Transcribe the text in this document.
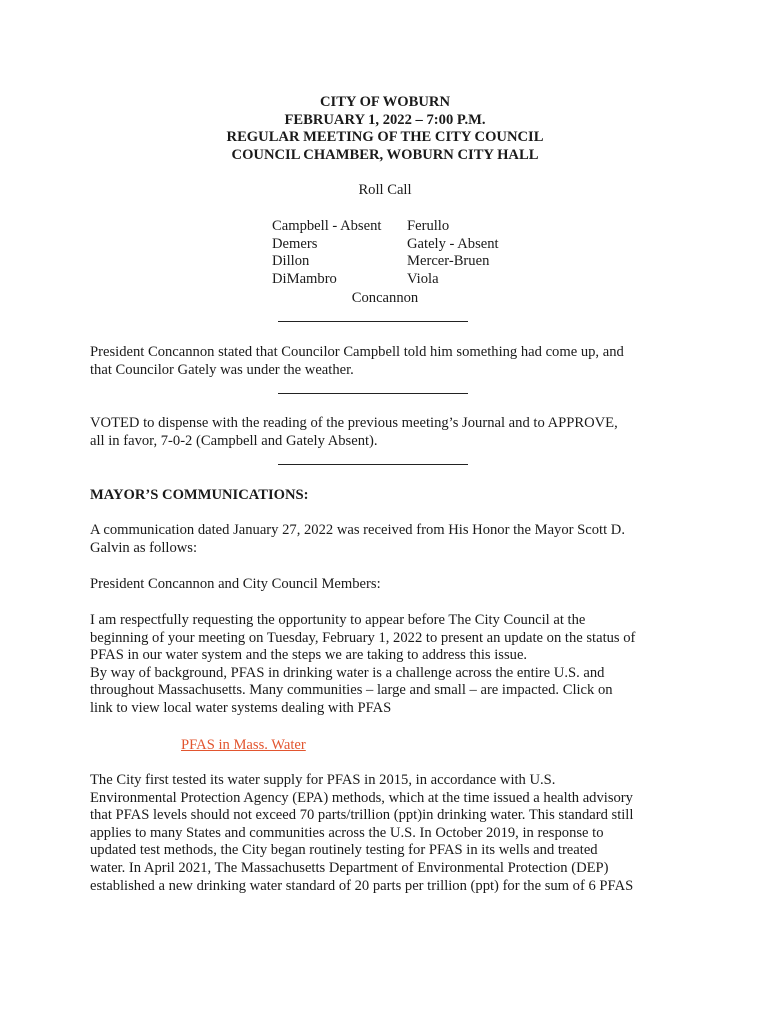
CITY OF WOBURN
FEBRUARY 1, 2022 – 7:00 P.M.
REGULAR MEETING OF THE CITY COUNCIL
COUNCIL CHAMBER, WOBURN CITY HALL
Roll Call
Campbell - Absent
Demers
Dillon
DiMambro
Ferullo
Gately - Absent
Mercer-Bruen
Viola
Concannon
President Concannon stated that Councilor Campbell told him something had come up, and
that Councilor Gately was under the weather.
VOTED to dispense with the reading of the previous meeting’s Journal and to APPROVE,
all in favor, 7-0-2 (Campbell and Gately Absent).
MAYOR’S COMMUNICATIONS:
A communication dated January 27, 2022 was received from His Honor the Mayor Scott D.
Galvin as follows:
President Concannon and City Council Members:
I am respectfully requesting the opportunity to appear before The City Council at the
beginning of your meeting on Tuesday, February 1, 2022 to present an update on the status of
PFAS in our water system and the steps we are taking to address this issue.
By way of background, PFAS in drinking water is a challenge across the entire U.S. and
throughout Massachusetts. Many communities – large and small – are impacted. Click on
link to view local water systems dealing with PFAS
PFAS in Mass. Water
The City first tested its water supply for PFAS in 2015, in accordance with U.S.
Environmental Protection Agency (EPA) methods, which at the time issued a health advisory
that PFAS levels should not exceed 70 parts/trillion (ppt)in drinking water. This standard still
applies to many States and communities across the U.S. In October 2019, in response to
updated test methods, the City began routinely testing for PFAS in its wells and treated
water. In April 2021, The Massachusetts Department of Environmental Protection (DEP)
established a new drinking water standard of 20 parts per trillion (ppt) for the sum of 6 PFAS
